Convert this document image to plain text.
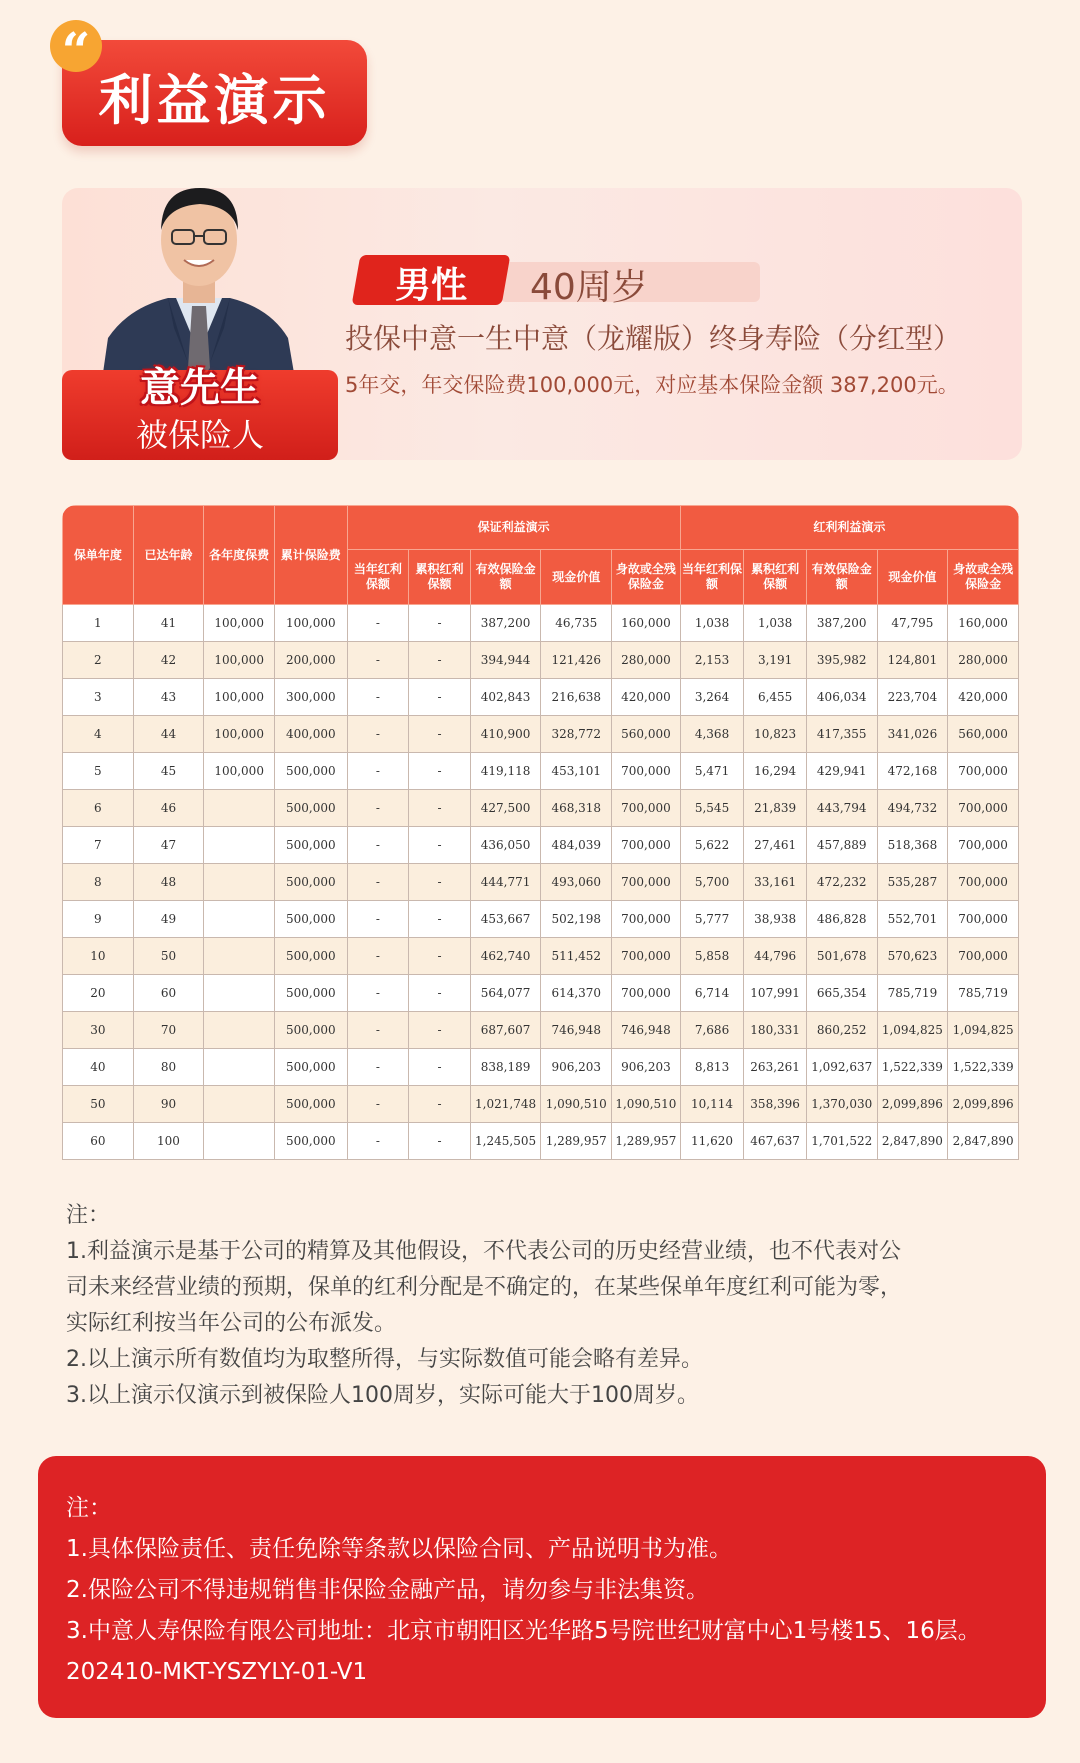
利益演示
“
意先生
被保险人
男性	40周岁
投保中意一生中意（龙耀版）终身寿险（分红型）
5年交，年交保险费100,000元，对应基本保险金额 387,200元。
保单年度	已达年龄	各年度保费	累计保险费	保证利益演示					红利利益演示				
				当年红利保额	累积红利保额	有效保险金额	现金价值	身故或全残保险金	当年红利保额	累积红利保额	有效保险金额	现金价值	身故或全残保险金
1	41	100,000	100,000	-	-	387,200	46,735	160,000	1,038	1,038	387,200	47,795	160,000
2	42	100,000	200,000	-	-	394,944	121,426	280,000	2,153	3,191	395,982	124,801	280,000
3	43	100,000	300,000	-	-	402,843	216,638	420,000	3,264	6,455	406,034	223,704	420,000
4	44	100,000	400,000	-	-	410,900	328,772	560,000	4,368	10,823	417,355	341,026	560,000
5	45	100,000	500,000	-	-	419,118	453,101	700,000	5,471	16,294	429,941	472,168	700,000
6	46		500,000	-	-	427,500	468,318	700,000	5,545	21,839	443,794	494,732	700,000
7	47		500,000	-	-	436,050	484,039	700,000	5,622	27,461	457,889	518,368	700,000
8	48		500,000	-	-	444,771	493,060	700,000	5,700	33,161	472,232	535,287	700,000
9	49		500,000	-	-	453,667	502,198	700,000	5,777	38,938	486,828	552,701	700,000
10	50		500,000	-	-	462,740	511,452	700,000	5,858	44,796	501,678	570,623	700,000
20	60		500,000	-	-	564,077	614,370	700,000	6,714	107,991	665,354	785,719	785,719
30	70		500,000	-	-	687,607	746,948	746,948	7,686	180,331	860,252	1,094,825	1,094,825
40	80		500,000	-	-	838,189	906,203	906,203	8,813	263,261	1,092,637	1,522,339	1,522,339
50	90		500,000	-	-	1,021,748	1,090,510	1,090,510	10,114	358,396	1,370,030	2,099,896	2,099,896
60	100		500,000	-	-	1,245,505	1,289,957	1,289,957	11,620	467,637	1,701,522	2,847,890	2,847,890
注：
1.利益演示是基于公司的精算及其他假设，不代表公司的历史经营业绩，也不代表对公
司未来经营业绩的预期，保单的红利分配是不确定的，在某些保单年度红利可能为零，
实际红利按当年公司的公布派发。
2.以上演示所有数值均为取整所得，与实际数值可能会略有差异。
3.以上演示仅演示到被保险人100周岁，实际可能大于100周岁。
注：
1.具体保险责任、责任免除等条款以保险合同、产品说明书为准。
2.保险公司不得违规销售非保险金融产品，请勿参与非法集资。
3.中意人寿保险有限公司地址：北京市朝阳区光华路5号院世纪财富中心1号楼15、16层。
202410-MKT-YSZYLY-01-V1
